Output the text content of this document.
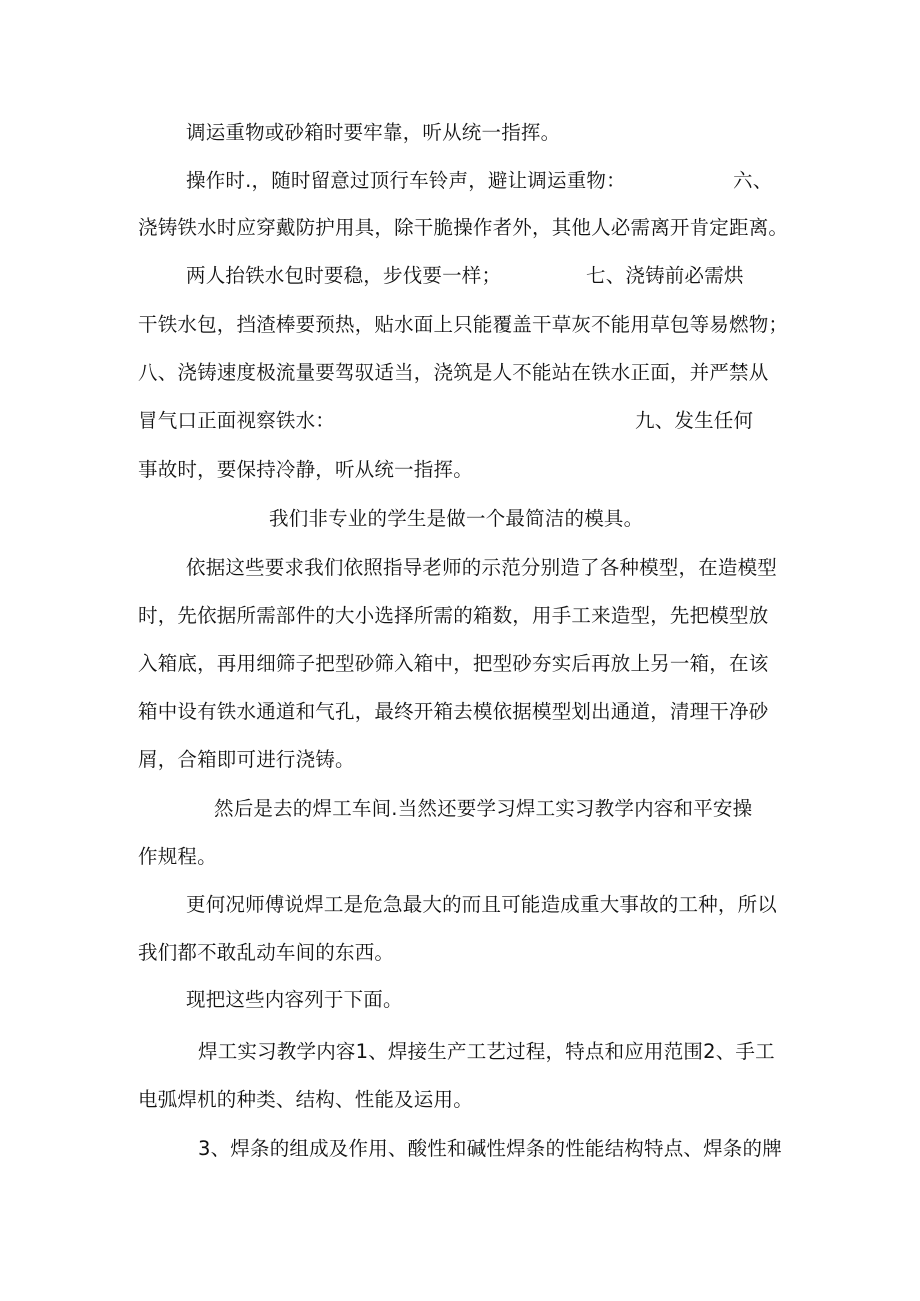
调运重物或砂箱时要牢靠，听从统一指挥。
操作时.，随时留意过顶行车铃声，避让调运重物：	六、
浇铸铁水时应穿戴防护用具，除干脆操作者外，其他人必需离开肯定距离。
两人抬铁水包时要稳，步伐要一样；	七、浇铸前必需烘
干铁水包，挡渣棒要预热，贴水面上只能覆盖干草灰不能用草包等易燃物；
八、浇铸速度极流量要驾驭适当，浇筑是人不能站在铁水正面，并严禁从
冒气口正面视察铁水：	九、发生任何
事故时，要保持冷静，听从统一指挥。
我们非专业的学生是做一个最简洁的模具。
依据这些要求我们依照指导老师的示范分别造了各种模型，在造模型
时，先依据所需部件的大小选择所需的箱数，用手工来造型，先把模型放
入箱底，再用细筛子把型砂筛入箱中，把型砂夯实后再放上另一箱，在该
箱中设有铁水通道和气孔，最终开箱去模依据模型划出通道，清理干净砂
屑，合箱即可进行浇铸。
然后是去的焊工车间.当然还要学习焊工实习教学内容和平安操
作规程。
更何况师傅说焊工是危急最大的而且可能造成重大事故的工种，所以
我们都不敢乱动车间的东西。
现把这些内容列于下面。
焊工实习教学内容1、焊接生产工艺过程，特点和应用范围2、手工
电弧焊机的种类、结构、性能及运用。
3、焊条的组成及作用、酸性和碱性焊条的性能结构特点、焊条的牌
